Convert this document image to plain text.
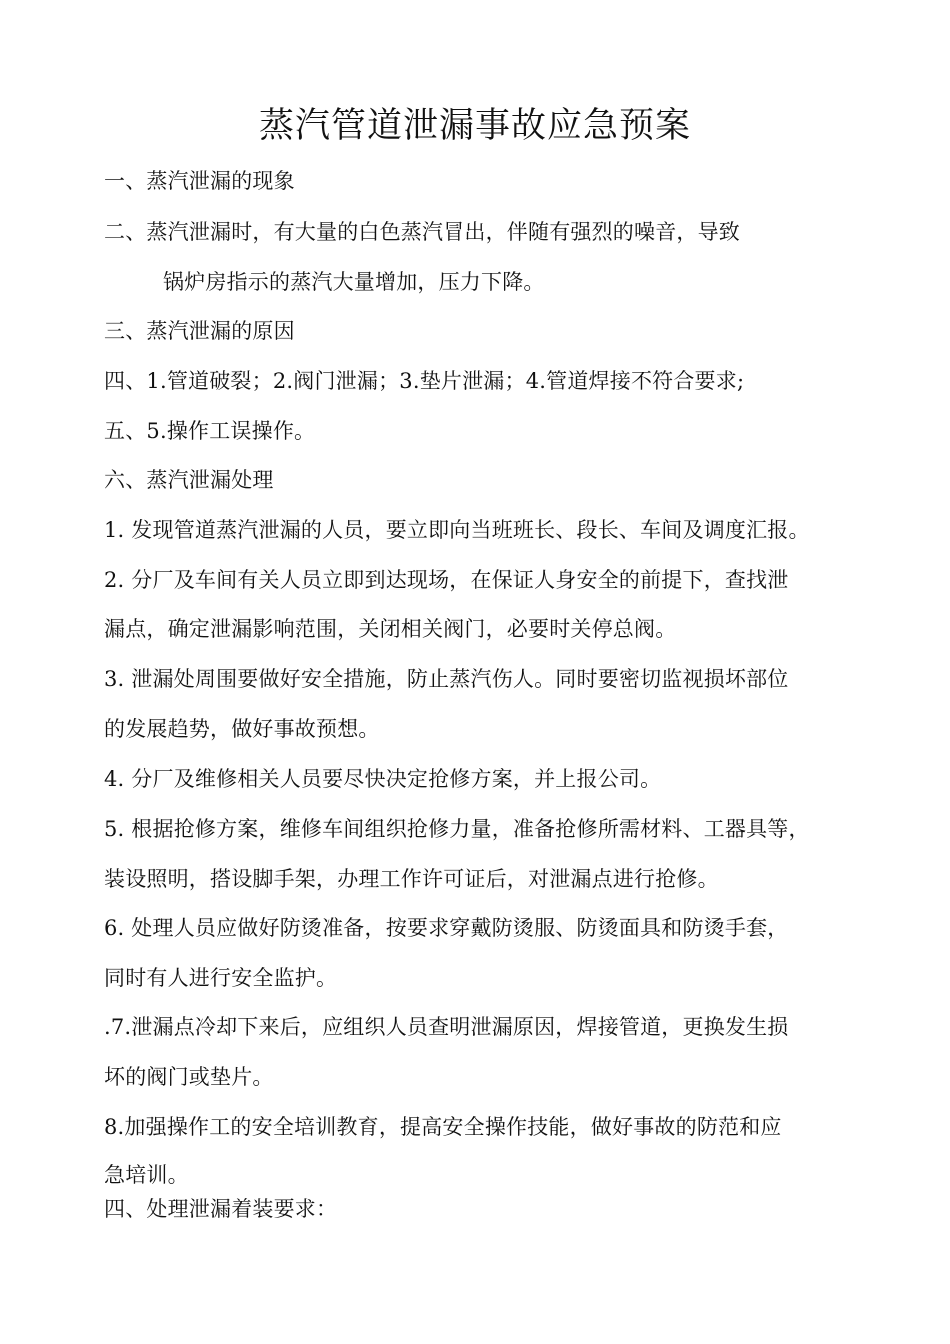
蒸汽管道泄漏事故应急预案
一、蒸汽泄漏的现象
二、蒸汽泄漏时，有大量的白色蒸汽冒出，伴随有强烈的噪音，导致
锅炉房指示的蒸汽大量增加，压力下降。
三、蒸汽泄漏的原因
四、1.管道破裂；2.阀门泄漏；3.垫片泄漏；4.管道焊接不符合要求;
五、5.操作工误操作。
六、蒸汽泄漏处理
1. 发现管道蒸汽泄漏的人员，要立即向当班班长、段长、车间及调度汇报。
2. 分厂及车间有关人员立即到达现场，在保证人身安全的前提下，查找泄
漏点，确定泄漏影响范围，关闭相关阀门，必要时关停总阀。
3. 泄漏处周围要做好安全措施，防止蒸汽伤人。同时要密切监视损坏部位
的发展趋势，做好事故预想。
4. 分厂及维修相关人员要尽快决定抢修方案，并上报公司。
5. 根据抢修方案，维修车间组织抢修力量，准备抢修所需材料、工器具等，
装设照明，搭设脚手架，办理工作许可证后，对泄漏点进行抢修。
6. 处理人员应做好防烫准备，按要求穿戴防烫服、防烫面具和防烫手套，
同时有人进行安全监护。
.7.泄漏点冷却下来后，应组织人员查明泄漏原因，焊接管道，更换发生损
坏的阀门或垫片。
8.加强操作工的安全培训教育，提高安全操作技能，做好事故的防范和应
急培训。
四、处理泄漏着装要求：
